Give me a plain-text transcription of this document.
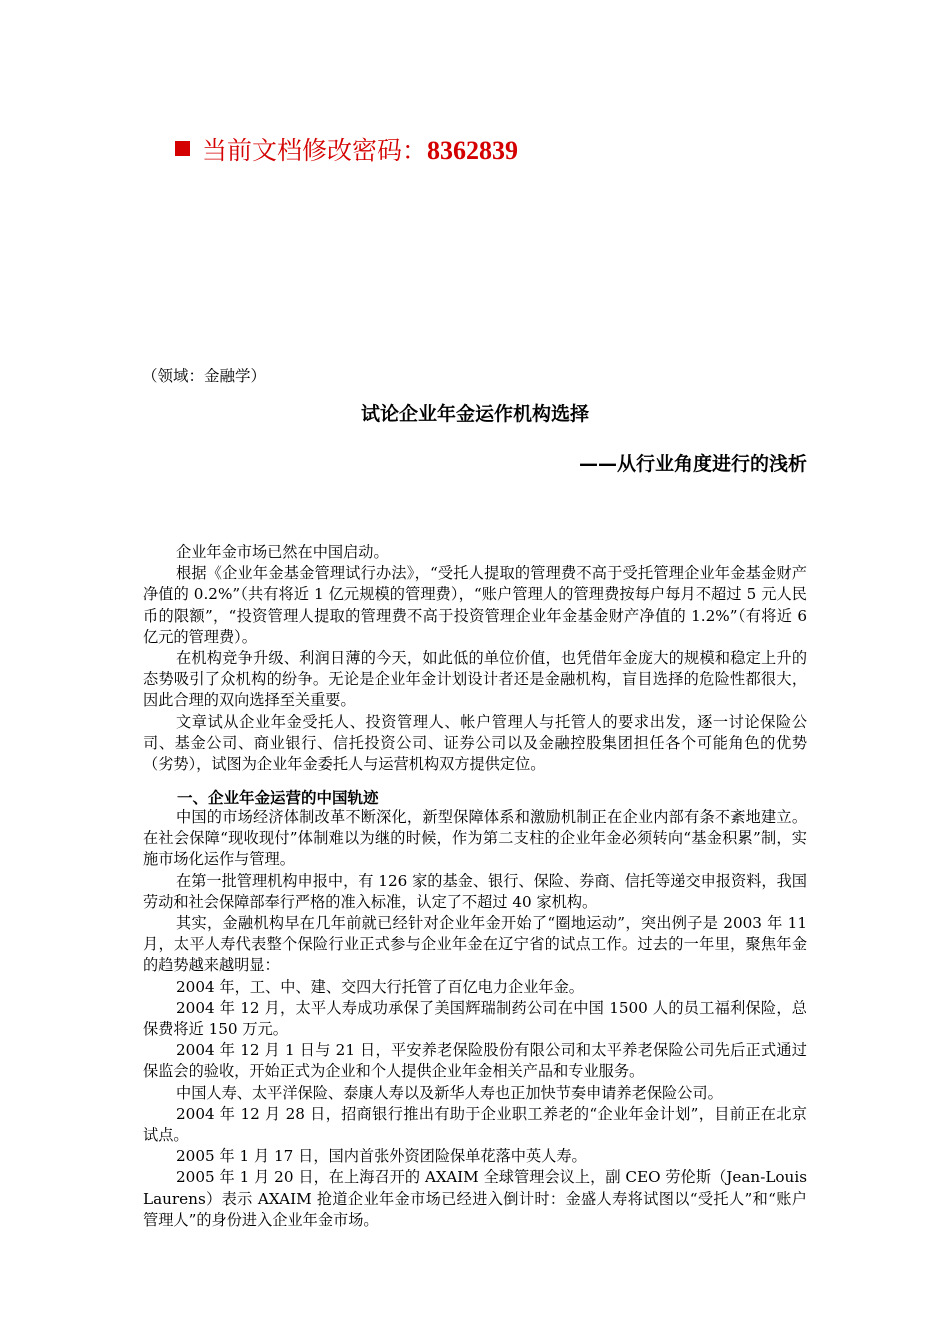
当前文档修改密码：8362839
（领域：金融学）
试论企业年金运作机构选择
——从行业角度进行的浅析

企业年金市场已然在中国启动。

根据《企业年金基金管理试行办法》，“受托人提取的管理费不高于受托管理企业年金基金财产净值的 0.2%”（共有将近 1 亿元规模的管理费），“账户管理人的管理费按每户每月不超过 5 元人民币的限额”，“投资管理人提取的管理费不高于投资管理企业年金基金财产净值的 1.2%”（有将近 6 亿元的管理费）。

在机构竞争升级、利润日薄的今天，如此低的单位价值，也凭借年金庞大的规模和稳定上升的态势吸引了众机构的纷争。无论是企业年金计划设计者还是金融机构，盲目选择的危险性都很大，因此合理的双向选择至关重要。

文章试从企业年金受托人、投资管理人、帐户管理人与托管人的要求出发，逐一讨论保险公司、基金公司、商业银行、信托投资公司、证券公司以及金融控股集团担任各个可能角色的优势（劣势），试图为企业年金委托人与运营机构双方提供定位。

一、企业年金运营的中国轨迹

中国的市场经济体制改革不断深化，新型保障体系和激励机制正在企业内部有条不紊地建立。在社会保障“现收现付”体制难以为继的时候，作为第二支柱的企业年金必须转向“基金积累”制，实施市场化运作与管理。

在第一批管理机构申报中，有 126 家的基金、银行、保险、券商、信托等递交申报资料，我国劳动和社会保障部奉行严格的准入标准，认定了不超过 40 家机构。

其实，金融机构早在几年前就已经针对企业年金开始了“圈地运动”，突出例子是 2003 年 11 月，太平人寿代表整个保险行业正式参与企业年金在辽宁省的试点工作。过去的一年里，聚焦年金的趋势越来越明显：

2004 年，工、中、建、交四大行托管了百亿电力企业年金。

2004 年 12 月，太平人寿成功承保了美国辉瑞制药公司在中国 1500 人的员工福利保险，总保费将近 150 万元。

2004 年 12 月 1 日与 21 日，平安养老保险股份有限公司和太平养老保险公司先后正式通过保监会的验收，开始正式为企业和个人提供企业年金相关产品和专业服务。

中国人寿、太平洋保险、泰康人寿以及新华人寿也正加快节奏申请养老保险公司。

2004 年 12 月 28 日，招商银行推出有助于企业职工养老的“企业年金计划”，目前正在北京试点。

2005 年 1 月 17 日，国内首张外资团险保单花落中英人寿。

2005 年 1 月 20 日，在上海召开的 AXAIM 全球管理会议上，副 CEO 劳伦斯（Jean-Louis Laurens）表示 AXAIM 抢道企业年金市场已经进入倒计时：金盛人寿将试图以“受托人”和“账户管理人”的身份进入企业年金市场。
